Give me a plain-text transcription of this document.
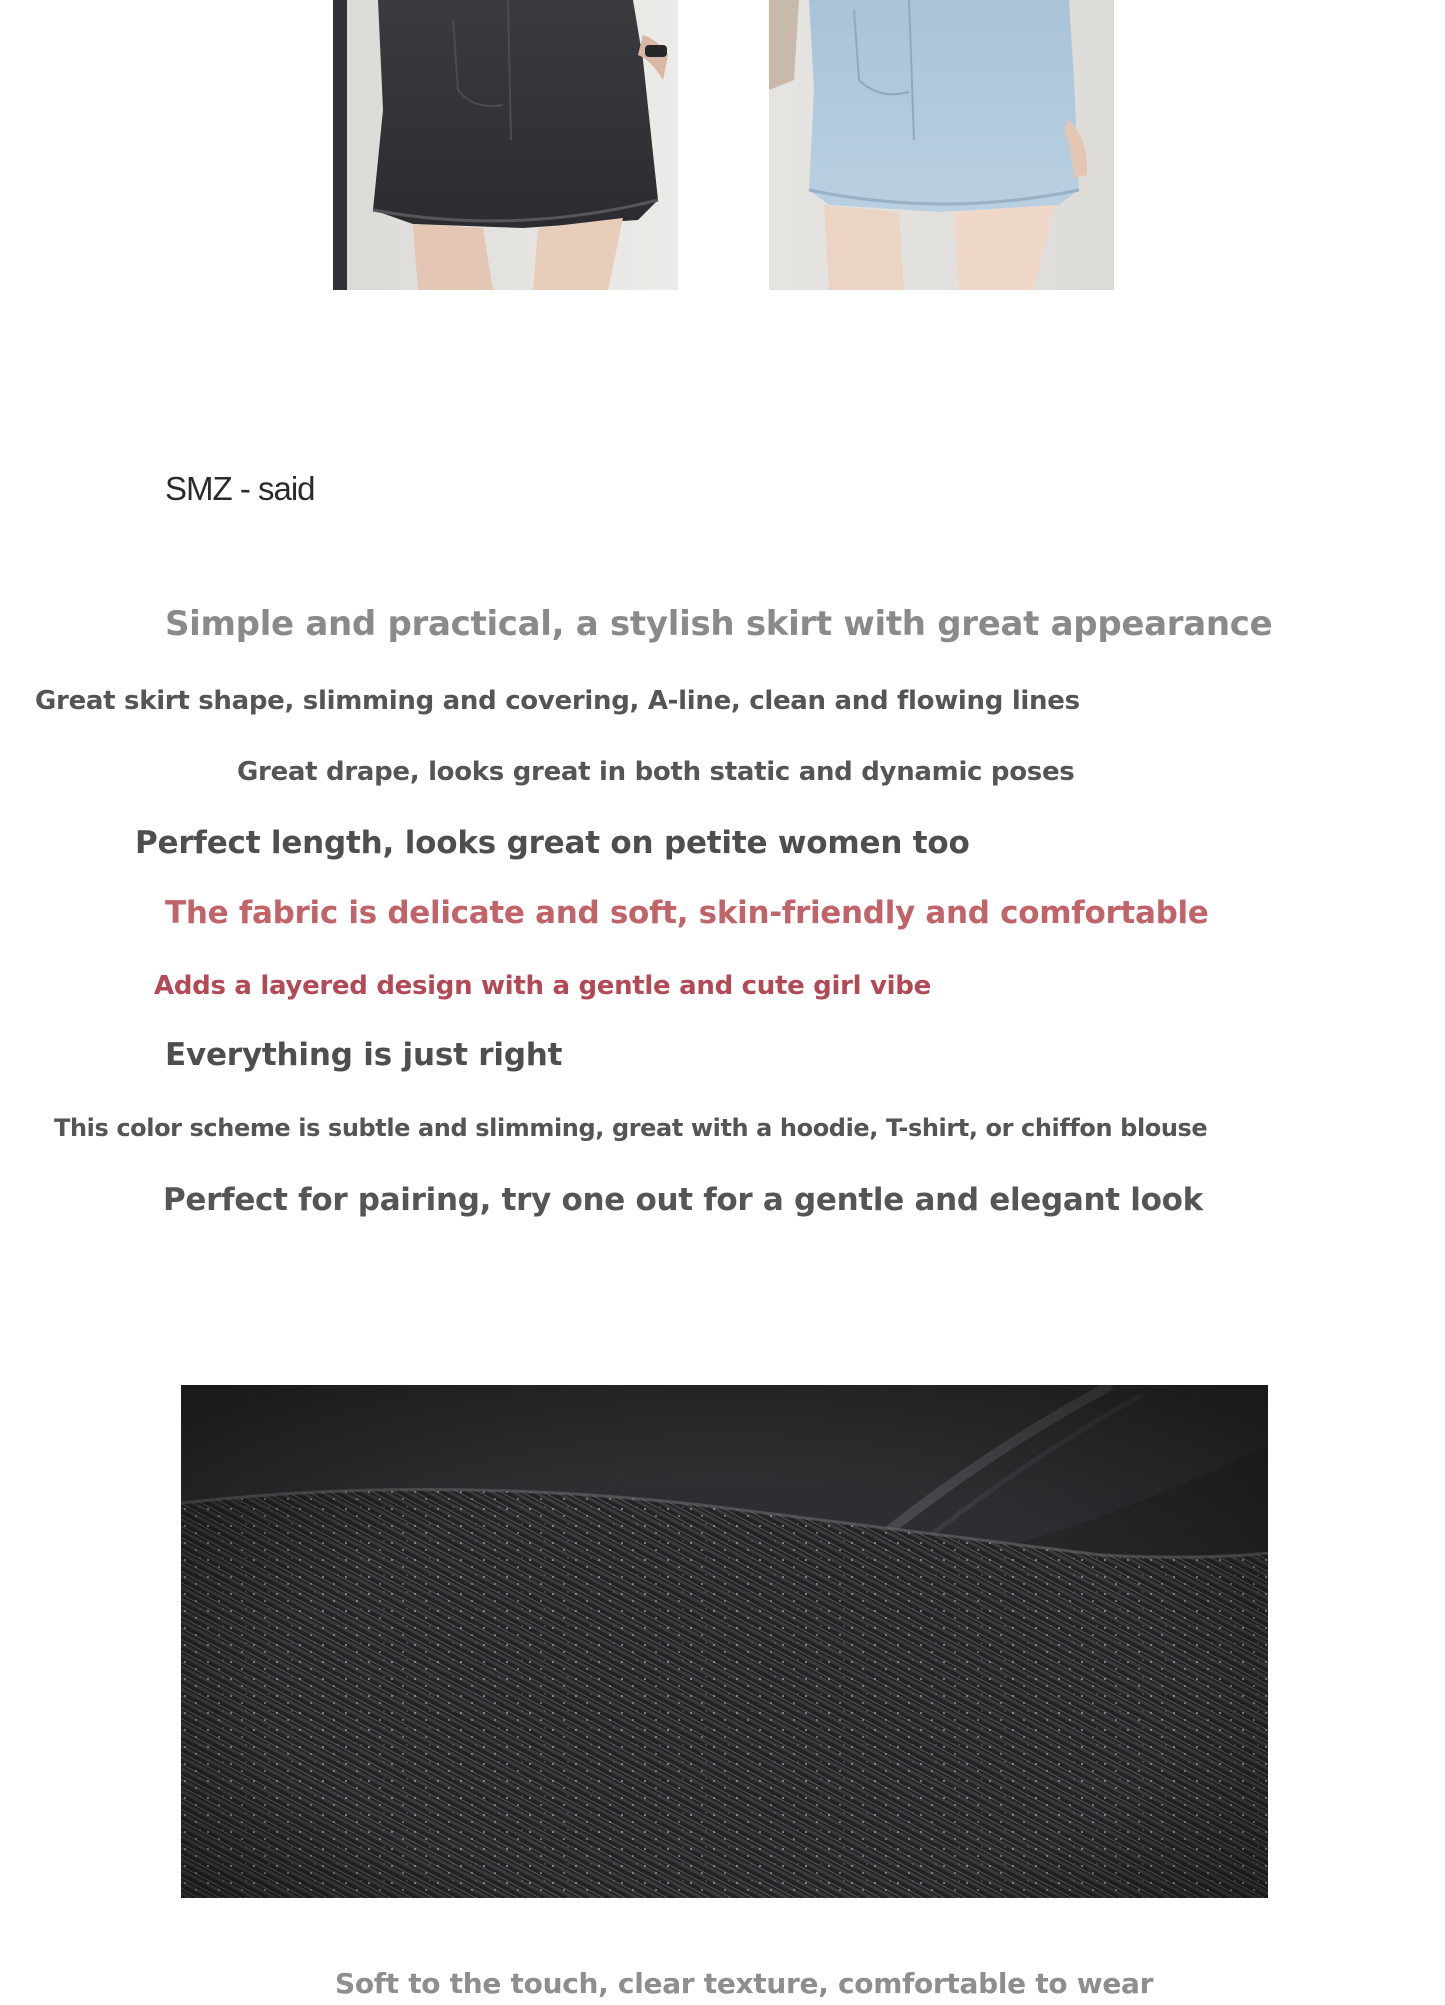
SMZ - said
Simple and practical, a stylish skirt with great appearance
Great skirt shape, slimming and covering, A-line, clean and flowing lines
Great drape, looks great in both static and dynamic poses
Perfect length, looks great on petite women too
The fabric is delicate and soft, skin-friendly and comfortable
Adds a layered design with a gentle and cute girl vibe
Everything is just right
This color scheme is subtle and slimming, great with a hoodie, T-shirt, or chiffon blouse
Perfect for pairing, try one out for a gentle and elegant look
Soft to the touch, clear texture, comfortable to wear
